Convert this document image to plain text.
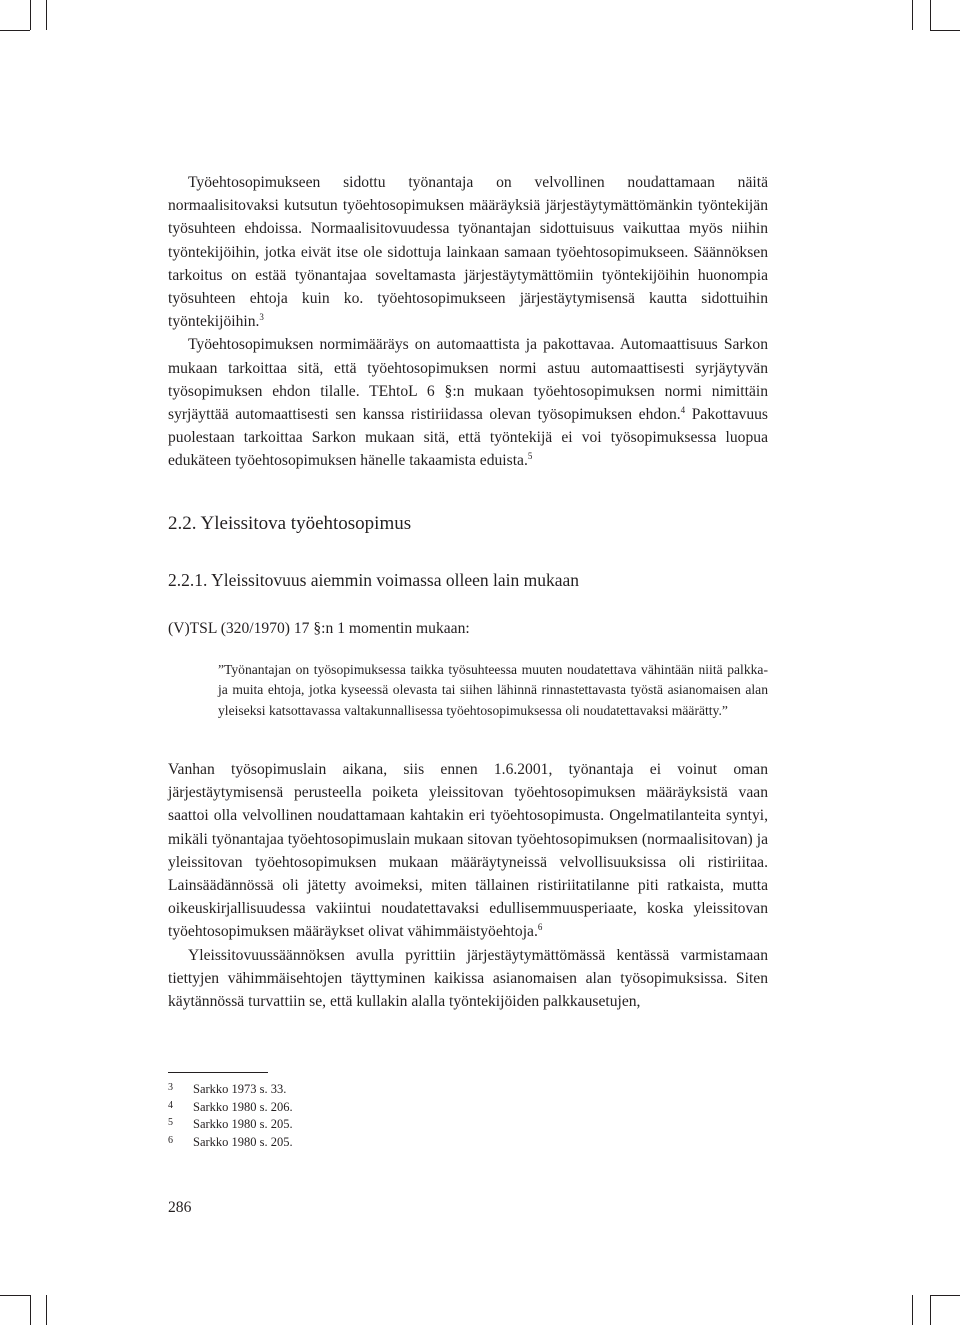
Työehtosopimukseen sidottu työnantaja on velvollinen noudattamaan näitä normaalisitovaksi kutsutun työehtosopimuksen määräyksiä järjestäytymättömänkin työntekijän työsuhteen ehdoissa. Normaalisitovuudessa työnantajan sidottuisuus vaikuttaa myös niihin työntekijöihin, jotka eivät itse ole sidottuja lainkaan samaan työehtosopimukseen. Säännöksen tarkoitus on estää työnantajaa soveltamasta järjestäytymättömiin työntekijöihin huonompia työsuhteen ehtoja kuin ko. työehtosopimukseen järjestäytymisensä kautta sidottuihin työntekijöihin.$^3$

Työehtosopimuksen normimääräys on automaattista ja pakottavaa. Automaattisuus Sarkon mukaan tarkoittaa sitä, että työehtosopimuksen normi astuu automaattisesti syrjäytyvän työsopimuksen ehdon tilalle. TEhtoL 6 §:n mukaan työehtosopimuksen normi nimittäin syrjäyttää automaattisesti sen kanssa ristiriidassa olevan työsopimuksen ehdon.$^4$ Pakottavuus puolestaan tarkoittaa Sarkon mukaan sitä, että työntekijä ei voi työsopimuksessa luopua edukäteen työehtosopimuksen hänelle takaamista eduista.$^5$

2.2. Yleissitova työehtosopimus
2.2.1. Yleissitovuus aiemmin voimassa olleen lain mukaan

(V)TSL (320/1970) 17 §:n 1 momentin mukaan:

”Työnantajan on työsopimuksessa taikka työsuhteessa muuten noudatettava vähintään niitä palkka- ja muita ehtoja, jotka kyseessä olevasta tai siihen lähinnä rinnastettavasta työstä asianomaisen alan yleiseksi katsottavassa valtakunnallisessa työehtosopimuksessa oli noudatettavaksi määrätty.”

Vanhan työsopimuslain aikana, siis ennen 1.6.2001, työnantaja ei voinut oman järjestäytymisensä perusteella poiketa yleissitovan työehtosopimuksen määräyksistä vaan saattoi olla velvollinen noudattamaan kahtakin eri työehtosopimusta. Ongelmatilanteita syntyi, mikäli työnantajaa työehtosopimuslain mukaan sitovan työehtosopimuksen (normaalisitovan) ja yleissitovan työehtosopimuksen mukaan määräytyneissä velvollisuuksissa oli ristiriitaa. Lainsäädännössä oli jätetty avoimeksi, miten tällainen ristiriitatilanne piti ratkaista, mutta oikeuskirjallisuudessa vakiintui noudatettavaksi edullisemmuusperiaate, koska yleissitovan työehtosopimuksen määräykset olivat vähimmäistyöehtoja.$^6$

Yleissitovuussäännöksen avulla pyrittiin järjestäytymättömässä kentässä varmistamaan tiettyjen vähimmäisehtojen täyttyminen kaikissa asianomaisen alan työsopimuksissa. Siten käytännössä turvattiin se, että kullakin alalla työntekijöiden palkkausetujen,

3	Sarkko 1973 s. 33.
4	Sarkko 1980 s. 206.
5	Sarkko 1980 s. 205.
6	Sarkko 1980 s. 205.
286
